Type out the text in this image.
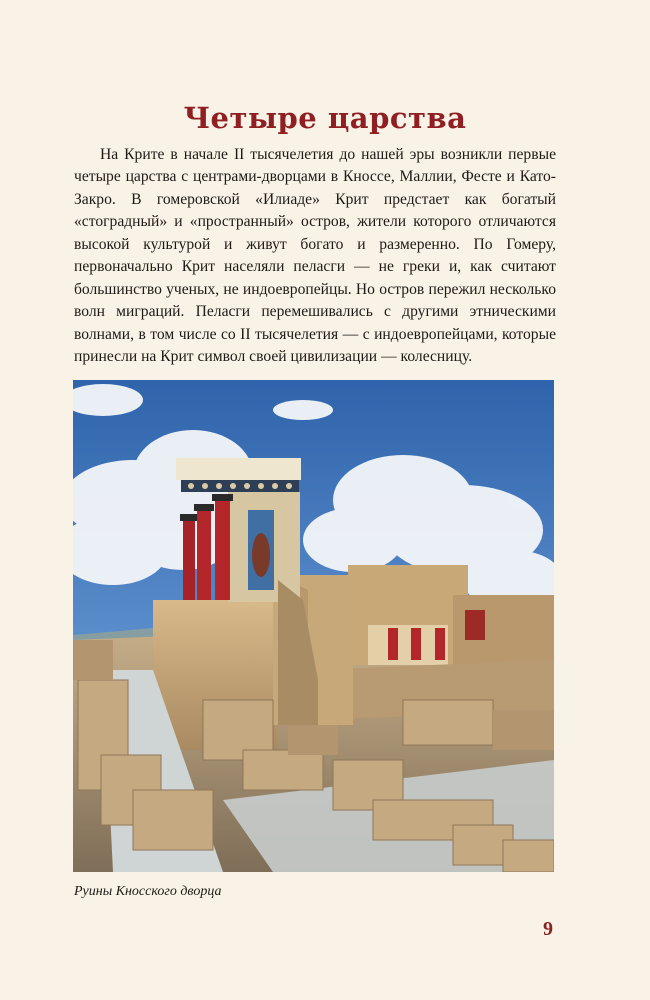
Четыре царства

На Крите в начале II тысячелетия до нашей эры возникли первые четыре царства с центрами-дворцами в Кноссе, Маллии, Фесте и Като-Закро. В гомеровской «Илиаде» Крит предстает как богатый «стоградный» и «пространный» остров, жители которого отличаются высокой культурой и живут богато и размеренно. По Гомеру, первоначально Крит населяли пеласги — не греки и, как считают большинство ученых, не индоевропейцы. Но остров пережил несколько волн миграций. Пеласги перемешивались с другими этническими волнами, в том числе со II тысячелетия — с индоевропейцами, которые принесли на Крит символ своей цивилизации — колесницу.

Руины Кносского дворца
9
